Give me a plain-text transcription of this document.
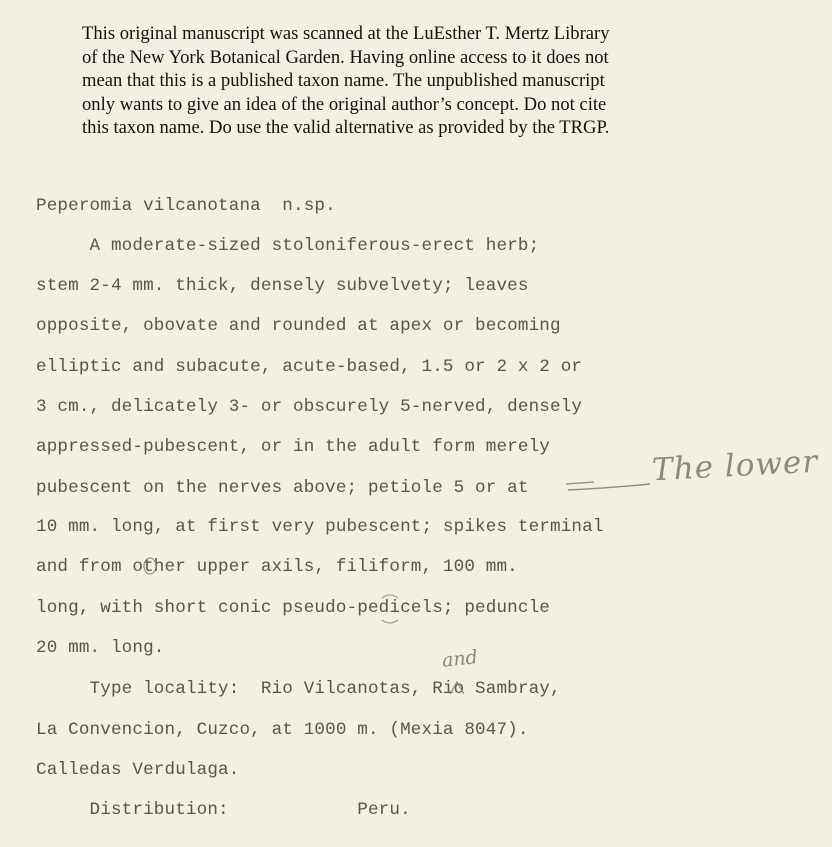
This original manuscript was scanned at the LuEsther T. Mertz Library
of the New York Botanical Garden. Having online access to it does not
mean that this is a published taxon name. The unpublished manuscript
only wants to give an idea of the original author’s concept. Do not cite
this taxon name. Do use the valid alternative as provided by the TRGP.
Peperomia vilcanotana  n.sp.
A moderate-sized stoloniferous-erect herb;
stem 2-4 mm. thick, densely subvelvety; leaves
opposite, obovate and rounded at apex or becoming
elliptic and subacute, acute-based, 1.5 or 2 x 2 or
3 cm., delicately 3- or obscurely 5-nerved, densely
appressed-pubescent, or in the adult form merely
pubescent on the nerves above; petiole 5 or at
10 mm. long, at first very pubescent; spikes terminal
and from other upper axils, filiform, 100 mm.
long, with short conic pseudo-pedicels; peduncle
20 mm. long.
Type locality:  Rio Vilcanotas, Rio Sambray,
La Convencion, Cuzco, at 1000 m. (Mexia 8047).
Calledas Verdulaga.
Distribution:            Peru.
The lower
and
